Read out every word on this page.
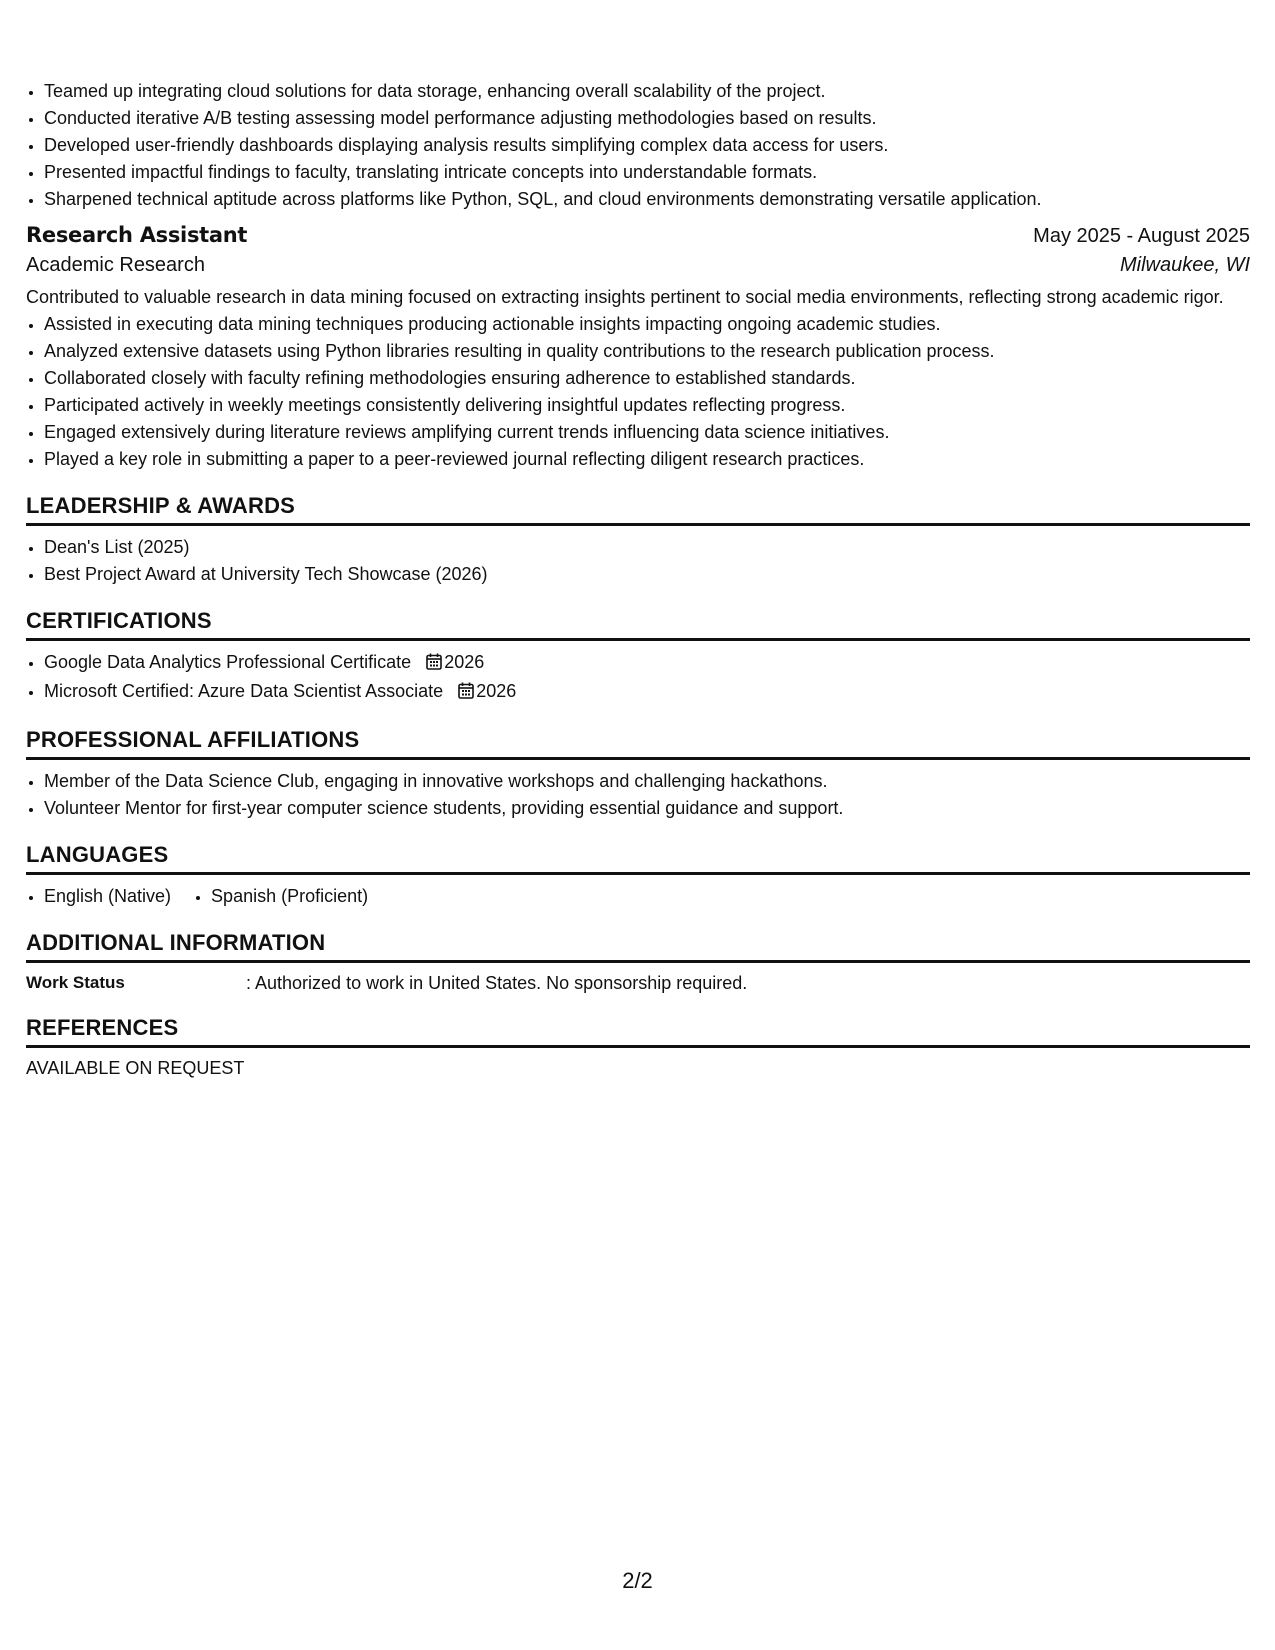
• Teamed up integrating cloud solutions for data storage, enhancing overall scalability of the project.
• Conducted iterative A/B testing assessing model performance adjusting methodologies based on results.
• Developed user-friendly dashboards displaying analysis results simplifying complex data access for users.
• Presented impactful findings to faculty, translating intricate concepts into understandable formats.
• Sharpened technical aptitude across platforms like Python, SQL, and cloud environments demonstrating versatile application.
Research Assistant	May 2025 - August 2025
Academic Research	Milwaukee, WI
Contributed to valuable research in data mining focused on extracting insights pertinent to social media environments, reflecting strong academic rigor.
• Assisted in executing data mining techniques producing actionable insights impacting ongoing academic studies.
• Analyzed extensive datasets using Python libraries resulting in quality contributions to the research publication process.
• Collaborated closely with faculty refining methodologies ensuring adherence to established standards.
• Participated actively in weekly meetings consistently delivering insightful updates reflecting progress.
• Engaged extensively during literature reviews amplifying current trends influencing data science initiatives.
• Played a key role in submitting a paper to a peer-reviewed journal reflecting diligent research practices.
LEADERSHIP & AWARDS
• Dean's List (2025)
• Best Project Award at University Tech Showcase (2026)
CERTIFICATIONS
• Google Data Analytics Professional Certificate 2026
• Microsoft Certified: Azure Data Scientist Associate 2026
PROFESSIONAL AFFILIATIONS
• Member of the Data Science Club, engaging in innovative workshops and challenging hackathons.
• Volunteer Mentor for first-year computer science students, providing essential guidance and support.
LANGUAGES
• English (Native)
• Spanish (Proficient)
ADDITIONAL INFORMATION
Work Status	: Authorized to work in United States. No sponsorship required.
REFERENCES
AVAILABLE ON REQUEST
2/2
